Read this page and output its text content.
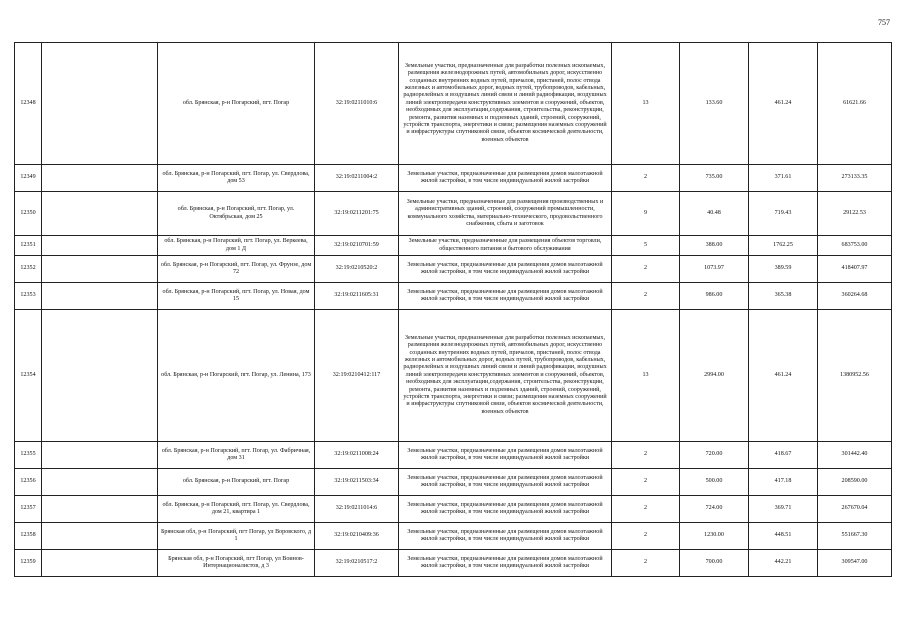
757
12348		обл. Брянская, р-н Погарский, пгт. Погар	32:19:0211010:6	Земельные участки, предназначенные для разработки полезных ископаемых, размещения железнодорожных путей, автомобильных дорог, искусственно созданных внутренних водных путей, причалов, пристаней, полос отвода железных и автомобильных дорог, водных путей, трубопроводов, кабельных, радиорелейных и воздушных линий связи и линий радиофикации, воздушных линий электропередачи конструктивных элементов и сооружений, объектов, необходимых для эксплуатации,содержания, строительства, реконструкции, ремонта, развития наземных и подземных зданий, строений, сооружений, устройств транспорта, энергетики и связи; размещения наземных сооружений и инфраструктуры спутниковой связи, объектов космической деятельности, военных объектов	13	133.60	461.24	61621.66
12349		обл. Брянская, р-н Погарский, пгт. Погар, ул. Свердлова, дом 53	32:19:0211004:2	Земельные участки, предназначенные для размещения домов малоэтажной жилой застройки, в том числе индивидуальной жилой застройки	2	735.00	371.61	273133.35
12350		обл. Брянская, р-н Погарский, пгт. Погар, ул. Октябрьская, дом 25	32:19:0211201:75	Земельные участки, предназначенные для размещения производственных и административных зданий, строений, сооружений промышленности, коммунального хозяйства, материально-технического, продовольственного снабжения, сбыта и заготовок	9	40.48	719.43	29122.53
12351		обл. Брянская, р-н Погарский, пгт. Погар, ул. Веркеева, дом 1 Д	32:19:0210701:59	Земельные участки, предназначенные для размещения объектов торговли, общественного питания и бытового обслуживания	5	388.00	1762.25	683753.00
12352		обл. Брянская, р-н Погарский, пгт. Погар, ул. Фрунзе, дом 72	32:19:0210520:2	Земельные участки, предназначенные для размещения домов малоэтажной жилой застройки, в том числе индивидуальной жилой застройки	2	1073.97	389.59	418407.97
12353		обл. Брянская, р-н Погарский, пгт. Погар, ул. Новая, дом 15	32:19:0211605:31	Земельные участки, предназначенные для размещения домов малоэтажной жилой застройки, в том числе индивидуальной жилой застройки	2	986.00	365.38	360264.68
12354		обл. Брянская, р-н Погарский, пгт. Погар, ул. Ленина, 173	32:19:0210412:117	Земельные участки, предназначенные для разработки полезных ископаемых, размещения железнодорожных путей, автомобильных дорог, искусственно созданных внутренних водных путей, причалов, пристаней, полос отвода железных и автомобильных дорог, водных путей, трубопроводов, кабельных, радиорелейных и воздушных линий связи и линий радиофикации, воздушных линий электропередачи конструктивных элементов и сооружений, объектов, необходимых для эксплуатации,содержания, строительства, реконструкции, ремонта, развития наземных и подземных зданий, строений, сооружений, устройств транспорта, энергетики и связи; размещения наземных сооружений и инфраструктуры спутниковой связи, объектов космической деятельности, военных объектов	13	2994.00	461.24	1380952.56
12355		обл. Брянская, р-н Погарский, пгт. Погар, ул. Фабричная, дом 31	32:19:0211008:24	Земельные участки, предназначенные для размещения домов малоэтажной жилой застройки, в том числе индивидуальной жилой застройки	2	720.00	418.67	301442.40
12356		обл. Брянская, р-н Погарский, пгт. Погар	32:19:0211503:34	Земельные участки, предназначенные для размещения домов малоэтажной жилой застройки, в том числе индивидуальной жилой застройки	2	500.00	417.18	208590.00
12357		обл. Брянская, р-н Погарский, пгт. Погар, ул. Свердлова, дом 21, квартира 1	32:19:0211014:6	Земельные участки, предназначенные для размещения домов малоэтажной жилой застройки, в том числе индивидуальной жилой застройки	2	724.00	369.71	267670.04
12358		Брянская обл, р-н Погарский, пгт Погар, ул Воровского, д 1	32:19:0210409:36	Земельные участки, предназначенные для размещения домов малоэтажной жилой застройки, в том числе индивидуальной жилой застройки	2	1230.00	448.51	551667.30
12359		Брянская обл, р-н Погарский, пгт Погар, ул Воинов-Интернационалистов, д 3	32:19:0210517:2	Земельные участки, предназначенные для размещения домов малоэтажной жилой застройки, в том числе индивидуальной жилой застройки	2	700.00	442.21	309547.00
